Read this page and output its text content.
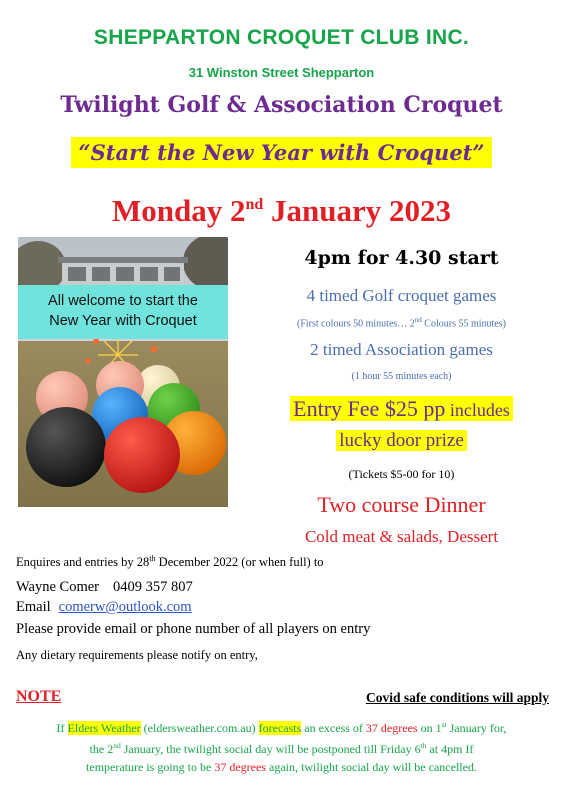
SHEPPARTON CROQUET CLUB INC.
31 Winston Street Shepparton
Twilight Golf & Association Croquet
“Start the New Year with Croquet”
Monday 2nd January 2023
All welcome to start the
New Year with Croquet
4pm for 4.30 start
4 timed Golf croquet games
(First colours 50 minutes… 2nd Colours 55 minutes)
2 timed Association games
(1 hour 55 minutes each)
Entry Fee $25 pp includes
lucky door prize
(Tickets $5-00 for 10)
Two course Dinner
Cold meat & salads, Dessert
Enquires and entries by 28th December 2022 (or when full) to
Wayne Comer 0409 357 807
Email comerw@outlook.com
Please provide email or phone number of all players on entry
Any dietary requirements please notify on entry,
NOTE	Covid safe conditions will apply
If Elders Weather (eldersweather.com.au) forecasts an excess of 37 degrees on 1st January for,
the 2nd January, the twilight social day will be postponed till Friday 6th at 4pm If
temperature is going to be 37 degrees again, twilight social day will be cancelled.
